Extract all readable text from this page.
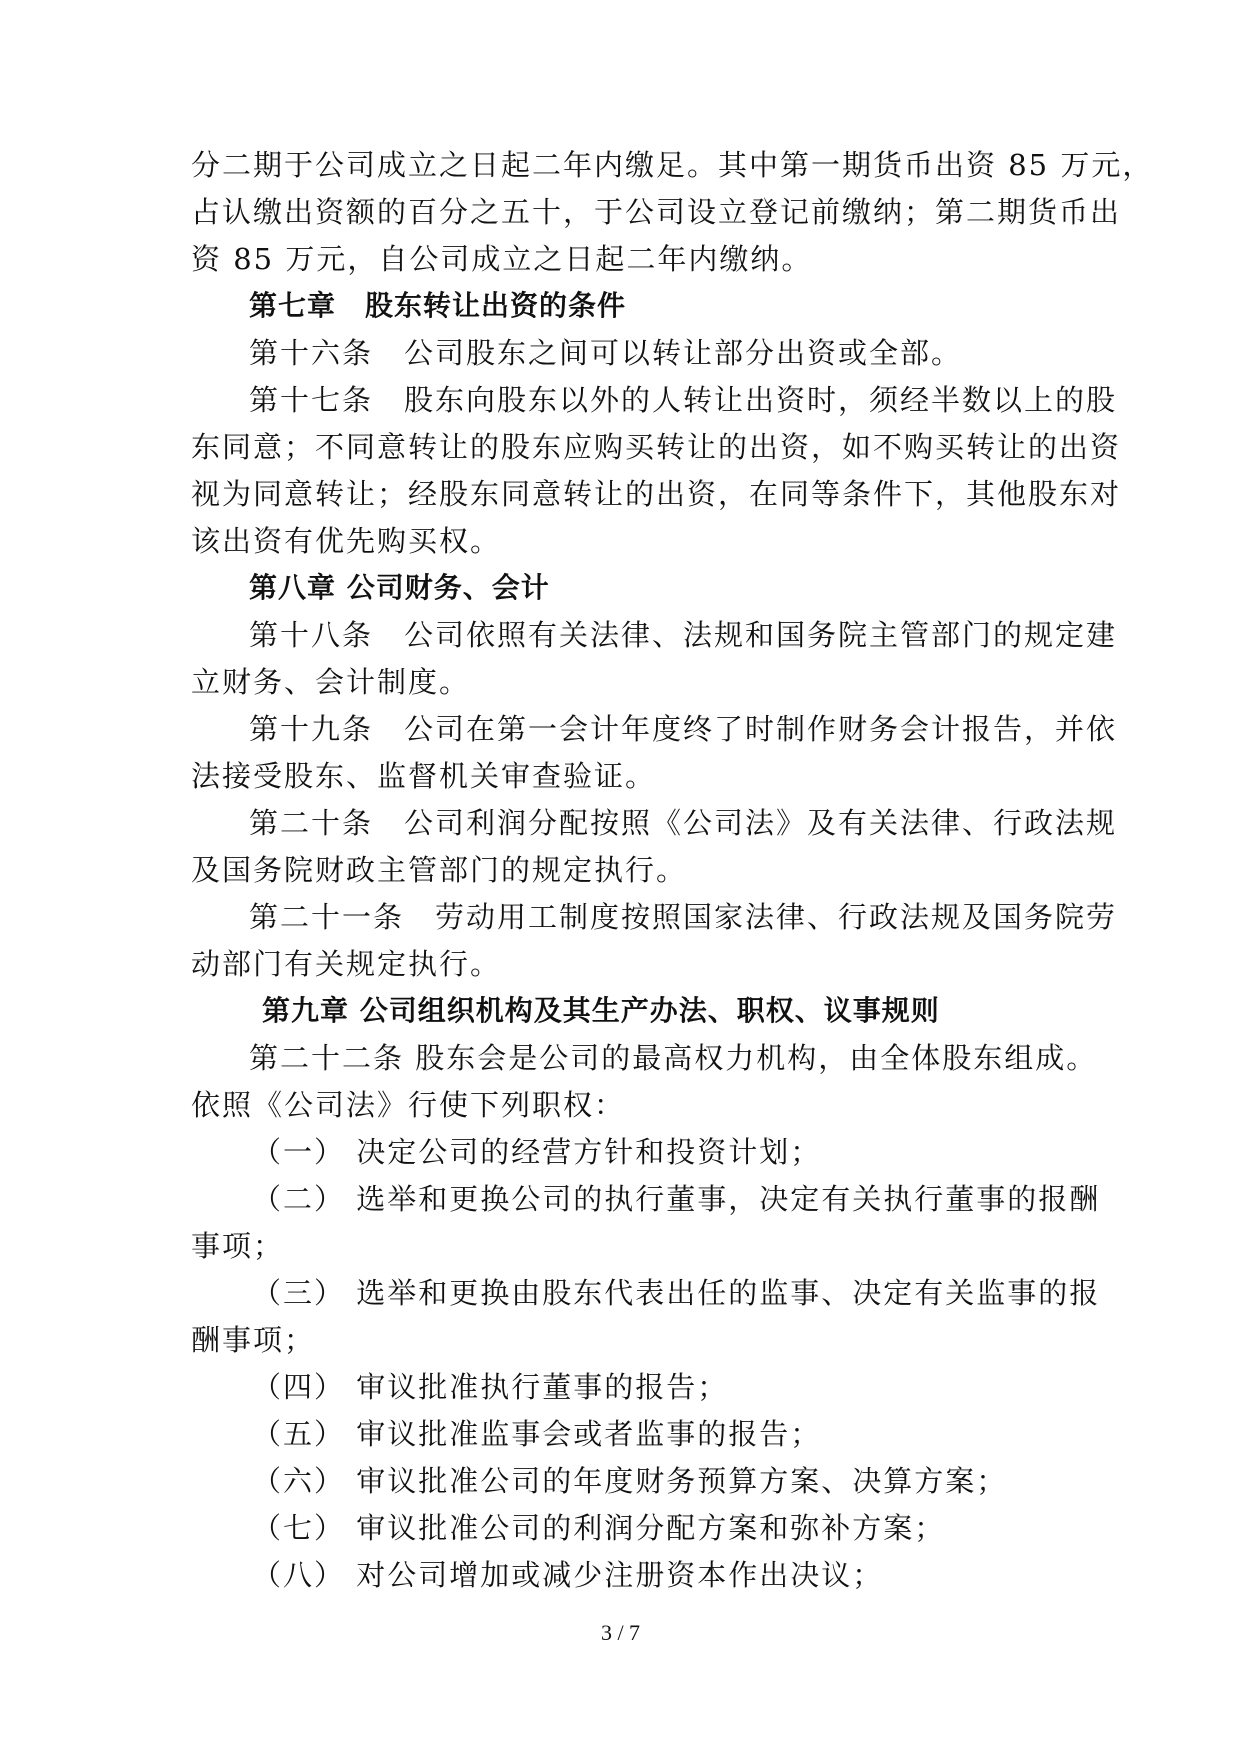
分二期于公司成立之日起二年内缴足。其中第一期货币出资 85 万元，
占认缴出资额的百分之五十，于公司设立登记前缴纳；第二期货币出
资 85 万元，自公司成立之日起二年内缴纳。
第七章　股东转让出资的条件
第十六条　公司股东之间可以转让部分出资或全部。
第十七条　股东向股东以外的人转让出资时，须经半数以上的股
东同意；不同意转让的股东应购买转让的出资，如不购买转让的出资
视为同意转让；经股东同意转让的出资，在同等条件下，其他股东对
该出资有优先购买权。
第八章 公司财务、会计
第十八条　公司依照有关法律、法规和国务院主管部门的规定建
立财务、会计制度。
第十九条　公司在第一会计年度终了时制作财务会计报告，并依
法接受股东、监督机关审查验证。
第二十条　公司利润分配按照《公司法》及有关法律、行政法规
及国务院财政主管部门的规定执行。
第二十一条　劳动用工制度按照国家法律、行政法规及国务院劳
动部门有关规定执行。
第九章 公司组织机构及其生产办法、职权、议事规则
第二十二条 股东会是公司的最高权力机构，由全体股东组成。
依照《公司法》行使下列职权：
（一） 决定公司的经营方针和投资计划；
（二） 选举和更换公司的执行董事，决定有关执行董事的报酬
事项；
（三） 选举和更换由股东代表出任的监事、决定有关监事的报
酬事项；
（四） 审议批准执行董事的报告；
（五） 审议批准监事会或者监事的报告；
（六） 审议批准公司的年度财务预算方案、决算方案；
（七） 审议批准公司的利润分配方案和弥补方案；
（八） 对公司增加或减少注册资本作出决议；
3 / 7
